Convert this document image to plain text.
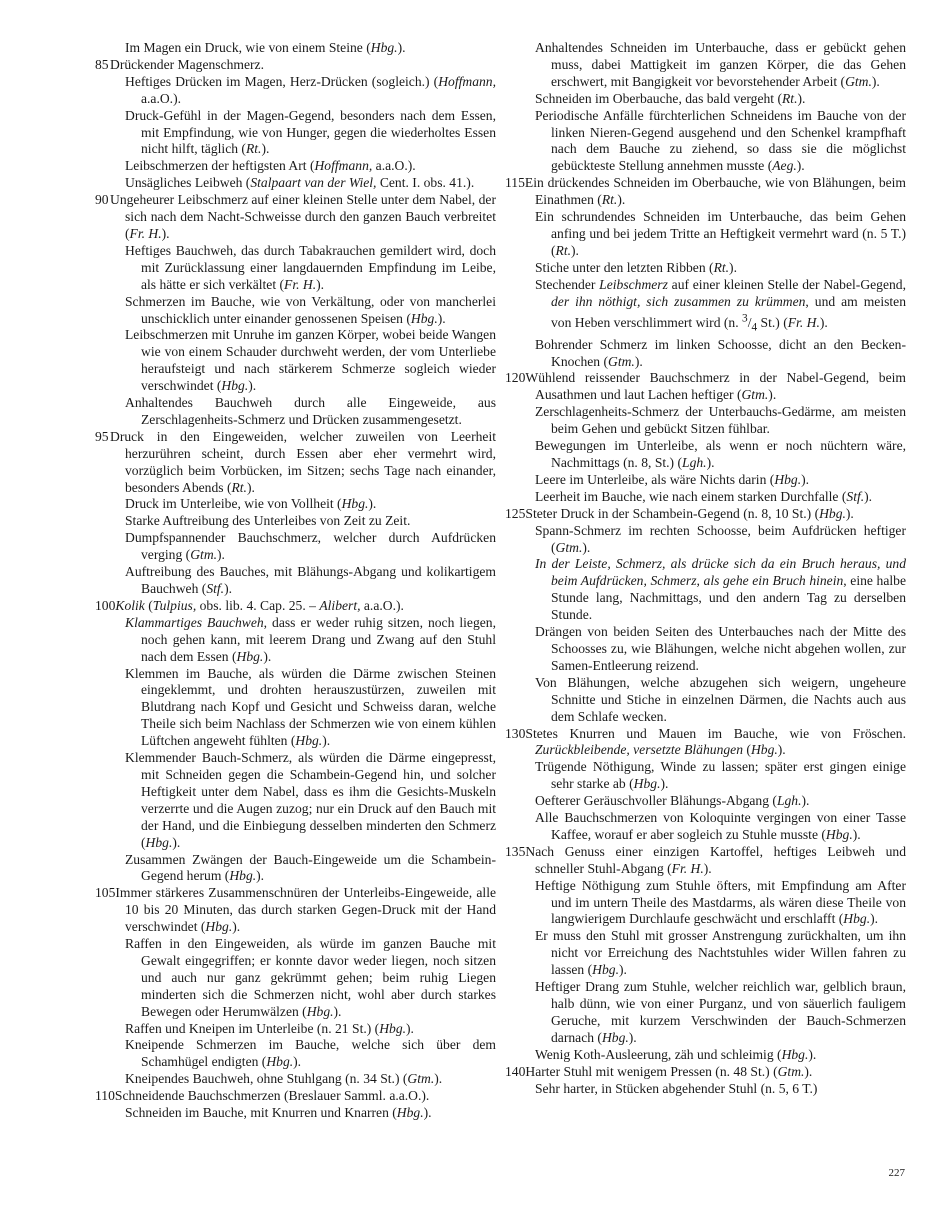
Im Magen ein Druck, wie von einem Steine (Hbg.).

85Drückender Magenschmerz.

Heftiges Drücken im Magen, Herz-Drücken (sogleich.) (Hoffmann, a.a.O.).

Druck-Gefühl in der Magen-Gegend, besonders nach dem Essen, mit Empfindung, wie von Hunger, gegen die wiederholtes Essen nicht hilft, täglich (Rt.).

Leibschmerzen der heftigsten Art (Hoffmann, a.a.O.).

Unsägliches Leibweh (Stalpaart van der Wiel, Cent. I. obs. 41.).

90Ungeheurer Leibschmerz auf einer kleinen Stelle unter dem Nabel, der sich nach dem Nacht-Schweisse durch den ganzen Bauch verbreitet (Fr. H.).

Heftiges Bauchweh, das durch Tabakrauchen gemildert wird, doch mit Zurücklassung einer langdauernden Empfindung im Leibe, als hätte er sich verkältet (Fr. H.).

Schmerzen im Bauche, wie von Verkältung, oder von mancherlei unschicklich unter einander genossenen Speisen (Hbg.).

Leibschmerzen mit Unruhe im ganzen Körper, wobei beide Wangen wie von einem Schauder durchweht werden, der vom Unterliebe heraufsteigt und nach stärkerem Schmerze sogleich wieder verschwindet (Hbg.).

Anhaltendes Bauchweh durch alle Eingeweide, aus Zerschlagenheits-Schmerz und Drücken zusammengesetzt.

95Druck in den Eingeweiden, welcher zuweilen von Leerheit herzurühren scheint, durch Essen aber eher vermehrt wird, vorzüglich beim Vorbücken, im Sitzen; sechs Tage nach einander, besonders Abends (Rt.).

Druck im Unterleibe, wie von Vollheit (Hbg.).

Starke Auftreibung des Unterleibes von Zeit zu Zeit.

Dumpfspannender Bauchschmerz, welcher durch Aufdrücken verging (Gtm.).

Auftreibung des Bauches, mit Blähungs-Abgang und kolikartigem Bauchweh (Stf.).

100Kolik (Tulpius, obs. lib. 4. Cap. 25. – Alibert, a.a.O.).

Klammartiges Bauchweh, dass er weder ruhig sitzen, noch liegen, noch gehen kann, mit leerem Drang und Zwang auf den Stuhl nach dem Essen (Hbg.).

Klemmen im Bauche, als würden die Därme zwischen Steinen eingeklemmt, und drohten herauszustürzen, zuweilen mit Blutdrang nach Kopf und Gesicht und Schweiss daran, welche Theile sich beim Nachlass der Schmerzen wie von einem kühlen Lüftchen angeweht fühlten (Hbg.).

Klemmender Bauch-Schmerz, als würden die Därme eingepresst, mit Schneiden gegen die Schambein-Gegend hin, und solcher Heftigkeit unter dem Nabel, dass es ihm die Gesichts-Muskeln verzerrte und die Augen zuzog; nur ein Druck auf den Bauch mit der Hand, und die Einbiegung desselben minderten den Schmerz (Hbg.).

Zusammen Zwängen der Bauch-Eingeweide um die Schambein-Gegend herum (Hbg.).

105Immer stärkeres Zusammenschnüren der Unterleibs-Eingeweide, alle 10 bis 20 Minuten, das durch starken Gegen-Druck mit der Hand verschwindet (Hbg.).

Raffen in den Eingeweiden, als würde im ganzen Bauche mit Gewalt eingegriffen; er konnte davor weder liegen, noch sitzen und auch nur ganz gekrümmt gehen; beim ruhig Liegen minderten sich die Schmerzen nicht, wohl aber durch starkes Bewegen oder Herumwälzen (Hbg.).

Raffen und Kneipen im Unterleibe (n. 21 St.) (Hbg.).

Kneipende Schmerzen im Bauche, welche sich über dem Schamhügel endigten (Hbg.).

Kneipendes Bauchweh, ohne Stuhlgang (n. 34 St.) (Gtm.).

110Schneidende Bauchschmerzen (Breslauer Samml. a.a.O.).

Schneiden im Bauche, mit Knurren und Knarren (Hbg.).

Anhaltendes Schneiden im Unterbauche, dass er gebückt gehen muss, dabei Mattigkeit im ganzen Körper, die das Gehen erschwert, mit Bangigkeit vor bevorstehender Arbeit (Gtm.).

Schneiden im Oberbauche, das bald vergeht (Rt.).

Periodische Anfälle fürchterlichen Schneidens im Bauche von der linken Nieren-Gegend ausgehend und den Schenkel krampfhaft nach dem Bauche zu ziehend, so dass sie die möglichst gebückteste Stellung annehmen musste (Aeg.).

115Ein drückendes Schneiden im Oberbauche, wie von Blähungen, beim Einathmen (Rt.).

Ein schrundendes Schneiden im Unterbauche, das beim Gehen anfing und bei jedem Tritte an Heftigkeit vermehrt ward (n. 5 T.) (Rt.).

Stiche unter den letzten Ribben (Rt.).

Stechender Leibschmerz auf einer kleinen Stelle der Nabel-Gegend, der ihn nöthigt, sich zusammen zu krümmen, und am meisten von Heben verschlimmert wird (n. $^3/_4$ St.) (Fr. H.).

Bohrender Schmerz im linken Schoosse, dicht an den Becken-Knochen (Gtm.).

120Wühlend reissender Bauchschmerz in der Nabel-Gegend, beim Ausathmen und laut Lachen heftiger (Gtm.).

Zerschlagenheits-Schmerz der Unterbauchs-Gedärme, am meisten beim Gehen und gebückt Sitzen fühlbar.

Bewegungen im Unterleibe, als wenn er noch nüchtern wäre, Nachmittags (n. 8, St.) (Lgh.).

Leere im Unterleibe, als wäre Nichts darin (Hbg.).

Leerheit im Bauche, wie nach einem starken Durchfalle (Stf.).

125Steter Druck in der Schambein-Gegend (n. 8, 10 St.) (Hbg.).

Spann-Schmerz im rechten Schoosse, beim Aufdrücken heftiger (Gtm.).

In der Leiste, Schmerz, als drücke sich da ein Bruch heraus, und beim Aufdrücken, Schmerz, als gehe ein Bruch hinein, eine halbe Stunde lang, Nachmittags, und den andern Tag zu derselben Stunde.

Drängen von beiden Seiten des Unterbauches nach der Mitte des Schoosses zu, wie Blähungen, welche nicht abgehen wollen, zur Samen-Entleerung reizend.

Von Blähungen, welche abzugehen sich weigern, ungeheure Schnitte und Stiche in einzelnen Därmen, die Nachts auch aus dem Schlafe wecken.

130Stetes Knurren und Mauen im Bauche, wie von Fröschen. Zurückbleibende, versetzte Blähungen (Hbg.).

Trügende Nöthigung, Winde zu lassen; später erst gingen einige sehr starke ab (Hbg.).

Oefterer Geräuschvoller Blähungs-Abgang (Lgh.).

Alle Bauchschmerzen von Koloquinte vergingen von einer Tasse Kaffee, worauf er aber sogleich zu Stuhle musste (Hbg.).

135Nach Genuss einer einzigen Kartoffel, heftiges Leibweh und schneller Stuhl-Abgang (Fr. H.).

Heftige Nöthigung zum Stuhle öfters, mit Empfindung am After und im untern Theile des Mastdarms, als wären diese Theile von langwierigem Durchlaufe geschwächt und erschlafft (Hbg.).

Er muss den Stuhl mit grosser Anstrengung zurückhalten, um ihn nicht vor Erreichung des Nachtstuhles wider Willen fahren zu lassen (Hbg.).

Heftiger Drang zum Stuhle, welcher reichlich war, gelblich braun, halb dünn, wie von einer Purganz, und von säuerlich fauligem Geruche, mit kurzem Verschwinden der Bauch-Schmerzen darnach (Hbg.).

Wenig Koth-Ausleerung, zäh und schleimig (Hbg.).

140Harter Stuhl mit wenigem Pressen (n. 48 St.) (Gtm.).

Sehr harter, in Stücken abgehender Stuhl (n. 5, 6 T.)

227
